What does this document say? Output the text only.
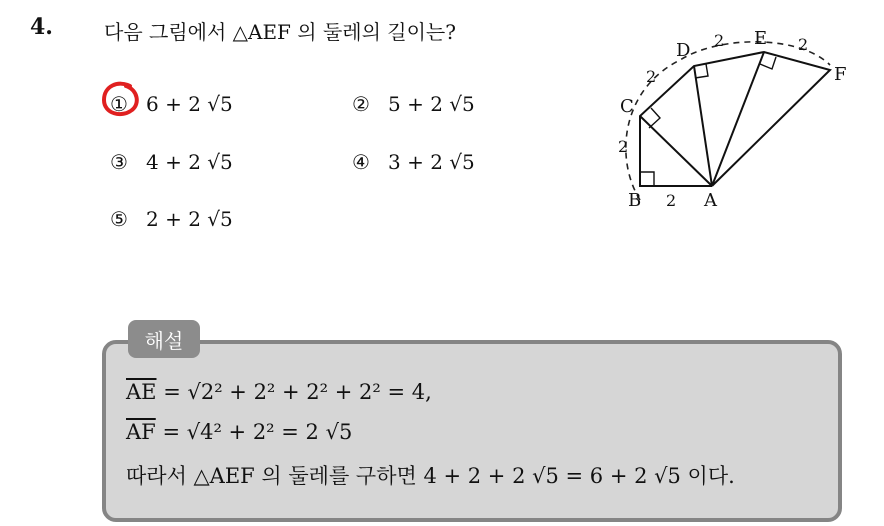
4.	다음 그림에서 △AEF 의 둘레의 길이는?
① 6 + 2 √5	② 5 + 2 √5
③ 4 + 2 √5	④ 3 + 2 √5
⑤ 2 + 2 √5
A
B
C
D
E
F
2
2
2
2	2
해설
$\overline{AE} = √2^2 + 2^2 + 2^2 + 2^2 = 4$,
$\overline{AF} = √4^2 + 2^2 = 2$ √5
따라서 △AEF 의 둘레를 구하면 4 + 2 + 2 √5 = 6 + 2 √5 이다.
